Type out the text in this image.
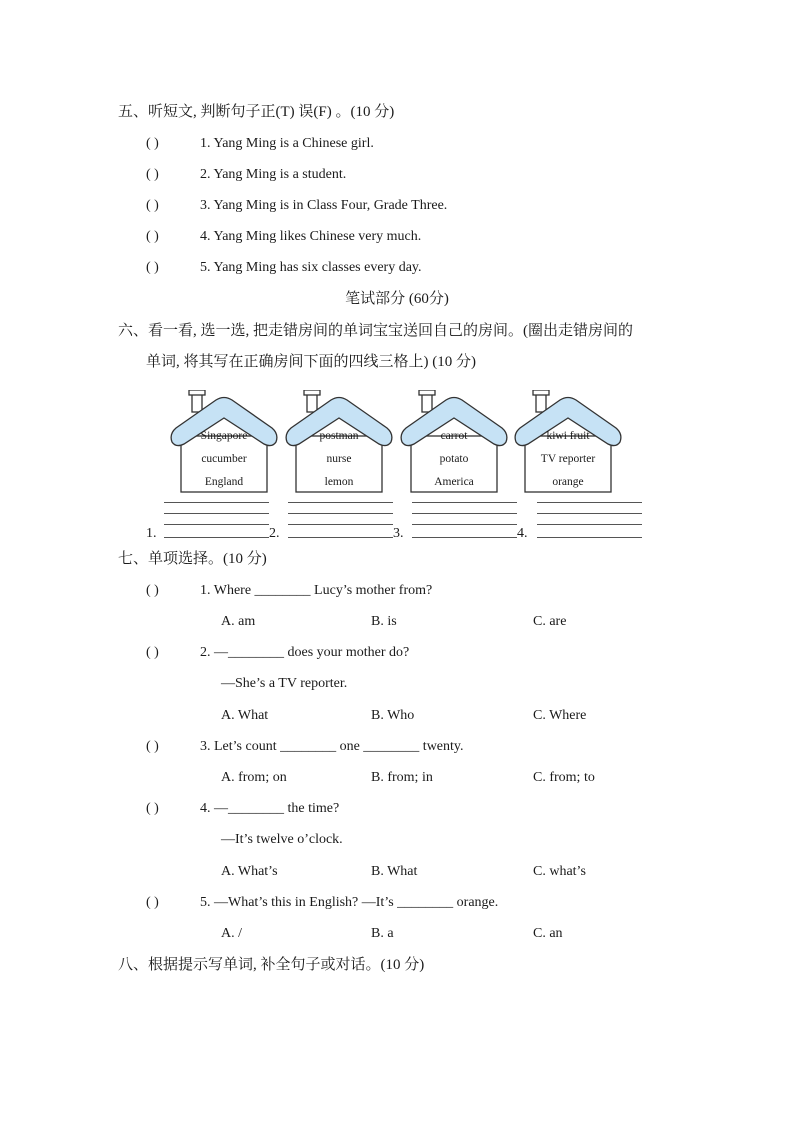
五、听短文, 判断句子正(T) 误(F) 。(10 分)
( )	1. Yang Ming is a Chinese girl.
( )	2. Yang Ming is a student.
( )	3. Yang Ming is in Class Four, Grade Three.
( )	4. Yang Ming likes Chinese very much.
( )	5. Yang Ming has six classes every day.
笔试部分 (60分)
六、看一看, 选一选, 把走错房间的单词宝宝送回自己的房间。(圈出走错房间的
单词, 将其写在正确房间下面的四线三格上) (10 分)
Singapore
cucumber
England
postman
nurse
lemon
carrot
potato
America
kiwi fruit
TV reporter
orange
1.	2.	3.	4.
七、单项选择。(10 分)
( )	1. Where ________ Lucy’s mother from?
A. am	B. is	C. are
( )	2. —________ does your mother do?
—She’s a TV reporter.
A. What	B. Who	C. Where
( )	3. Let’s count ________ one ________ twenty.
A. from; on	B. from; in	C. from; to
( )	4. —________ the time?
—It’s twelve o’clock.
A. What’s	B. What	C. what’s
( )	5. —What’s this in English? —It’s ________ orange.
A. /	B. a	C. an
八、根据提示写单词, 补全句子或对话。(10 分)
